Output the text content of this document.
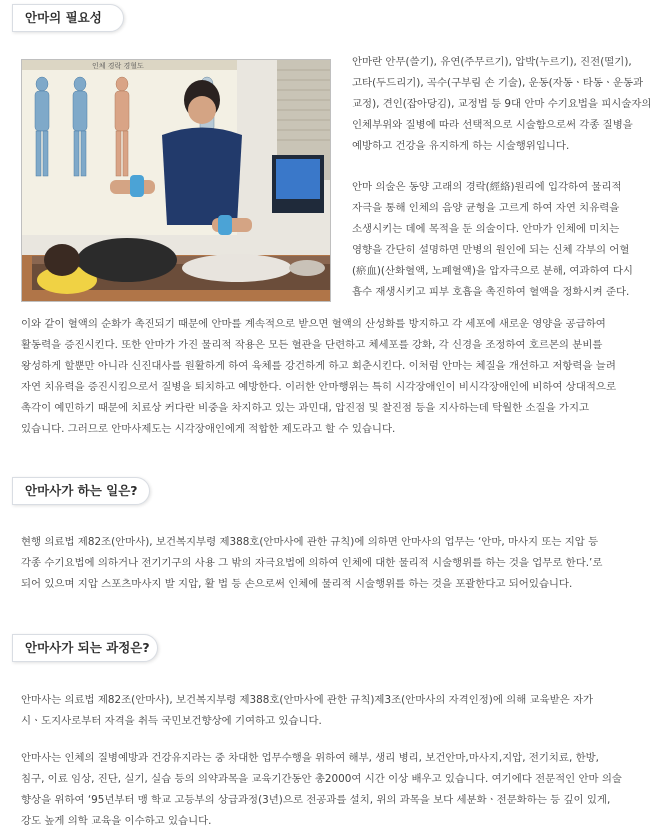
안마의 필요성
인체 경락 경혈도	안마란 안무(쓸기), 유연(주무르기), 압박(누르기), 진전(떨기),
고타(두드리기), 곡수(구부림 손 기술), 운동(자동ㆍ타동ㆍ운동과
교정), 견인(잡아당김), 교정법 등 9대 안마 수기요법을 피시술자의
인체부위와 질병에 따라 선택적으로 시술함으로써 각종 질병을
예방하고 건강을 유지하게 하는 시술행위입니다.
안마 의술은 동양 고래의 경락(經絡)원리에 입각하여 물리적
자극을 통해 인체의 음양 균형을 고르게 하여 자연 치유력을
소생시키는 데에 목적을 둔 의술이다. 안마가 인체에 미치는
영향을 간단히 설명하면 만병의 원인에 되는 신체 각부의 어혈
(瘀血)(산화혈액, 노폐혈액)을 압자극으로 분해, 여과하여 다시
흡수 재생시키고 피부 호흡을 촉진하여 혈액을 정화시켜 준다.
이와 같이 혈액의 순화가 촉진되기 때문에 안마를 계속적으로 받으면 혈액의 산성화를 방지하고 각 세포에 새로운 영양을 공급하여
활동력을 증진시킨다. 또한 안마가 가진 물리적 작용은 모든 혈관을 단련하고 체세포를 강화, 각 신경을 조정하여 호르몬의 분비를
왕성하게 할뿐만 아니라 신진대사를 원활하게 하여 육체를 강건하게 하고 회춘시킨다. 이처럼 안마는 체질을 개선하고 저항력을 늘려
자연 치유력을 증진시킴으로서 질병을 퇴치하고 예방한다. 이러한 안마행위는 특히 시각장애인이 비시각장애인에 비하여 상대적으로
촉각이 예민하기 때문에 치료상 커다란 비중을 차지하고 있는 과민대, 압진점 및 찰진점 등을 지사하는데 탁월한 소질을 가지고
있습니다. 그러므로 안마사제도는 시각장애인에게 적합한 제도라고 할 수 있습니다.
안마사가 하는 일은?
현행 의료법 제82조(안마사), 보건복지부령 제388호(안마사에 관한 규칙)에 의하면 안마사의 업무는 ‘안마, 마사지 또는 지압 등
각종 수기요법에 의하거나 전기기구의 사용 그 밖의 자극요법에 의하여 인체에 대한 물리적 시술행위를 하는 것을 업무로 한다.’로
되어 있으며 지압 스포츠마사지 발 지압, 활 법 등 손으로써 인체에 물리적 시술행위를 하는 것을 포괄한다고 되어있습니다.
안마사가 되는 과정은?
안마사는 의료법 제82조(안마사), 보건복지부령 제388호(안마사에 관한 규칙)제3조(안마사의 자격인정)에 의해 교육받은 자가
시ㆍ도지사로부터 자격을 취득 국민보건향상에 기여하고 있습니다.
안마사는 인체의 질병예방과 건강유지라는 중 차대한 업무수행을 위하여 해부, 생리 병리, 보건안마,마사지,지압, 전기치료, 한방,
침구, 이료 임상, 진단, 실기, 실습 등의 의약과목을 교육기간동안 총2000여 시간 이상 배우고 있습니다. 여기에다 전문적인 안마 의술
향상을 위하여 ‘95년부터 맹 학교 고등부의 상급과정(3년)으로 전공과를 설치, 위의 과목을 보다 세분화ㆍ전문화하는 등 깊이 있게,
강도 높게 의학 교육을 이수하고 있습니다.
